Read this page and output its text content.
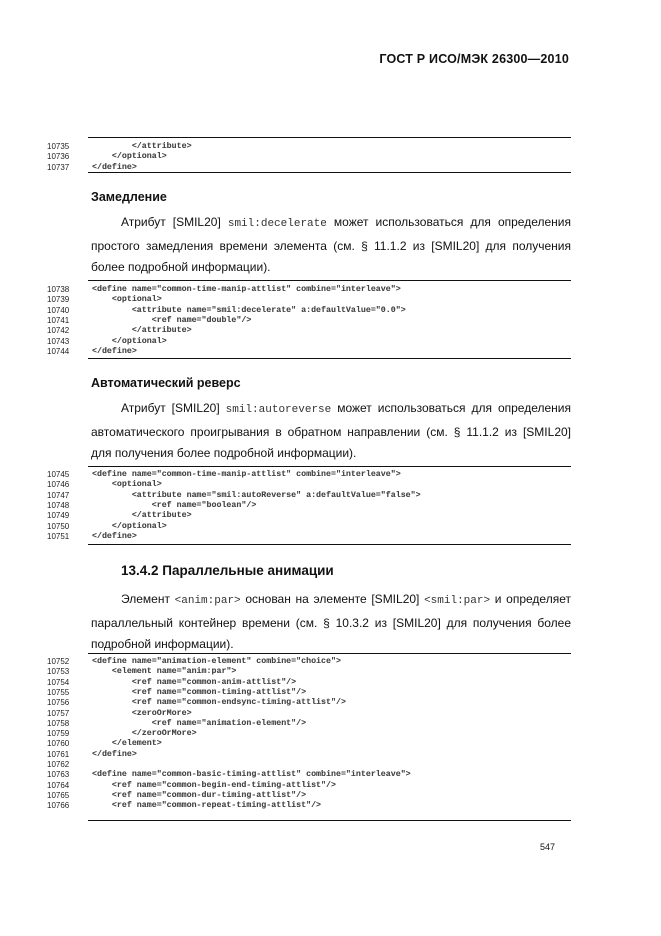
ГОСТ Р ИСО/МЭК 26300—2010
10735	</attribute>
10736	</optional>
10737	</define>
Замедление
Атрибут [SMIL20] smil:decelerate может использоваться для определения простого замедления времени элемента (см. § 11.1.2 из [SMIL20] для получения более подробной информации).
10738	<define name="common-time-manip-attlist" combine="interleave">
10739	<optional>
10740	<attribute name="smil:decelerate" a:defaultValue="0.0">
10741	<ref name="double"/>
10742	</attribute>
10743	</optional>
10744	</define>
Автоматический реверс
Атрибут [SMIL20] smil:autoreverse может использоваться для определения автоматического проигрывания в обратном направлении (см. § 11.1.2 из [SMIL20] для получения более подробной информации).
10745	<define name="common-time-manip-attlist" combine="interleave">
10746	<optional>
10747	<attribute name="smil:autoReverse" a:defaultValue="false">
10748	<ref name="boolean"/>
10749	</attribute>
10750	</optional>
10751	</define>
13.4.2 Параллельные анимации
Элемент <anim:par> основан на элементе [SMIL20] <smil:par> и определяет параллельный контейнер времени (см. § 10.3.2 из [SMIL20] для получения более подробной информации).
10752	<define name="animation-element" combine="choice">
10753	<element name="anim:par">
10754	<ref name="common-anim-attlist"/>
10755	<ref name="common-timing-attlist"/>
10756	<ref name="common-endsync-timing-attlist"/>
10757	<zeroOrMore>
10758	<ref name="animation-element"/>
10759	</zeroOrMore>
10760	</element>
10761	</define>
10762
10763	<define name="common-basic-timing-attlist" combine="interleave">
10764	<ref name="common-begin-end-timing-attlist"/>
10765	<ref name="common-dur-timing-attlist"/>
10766	<ref name="common-repeat-timing-attlist"/>
547
